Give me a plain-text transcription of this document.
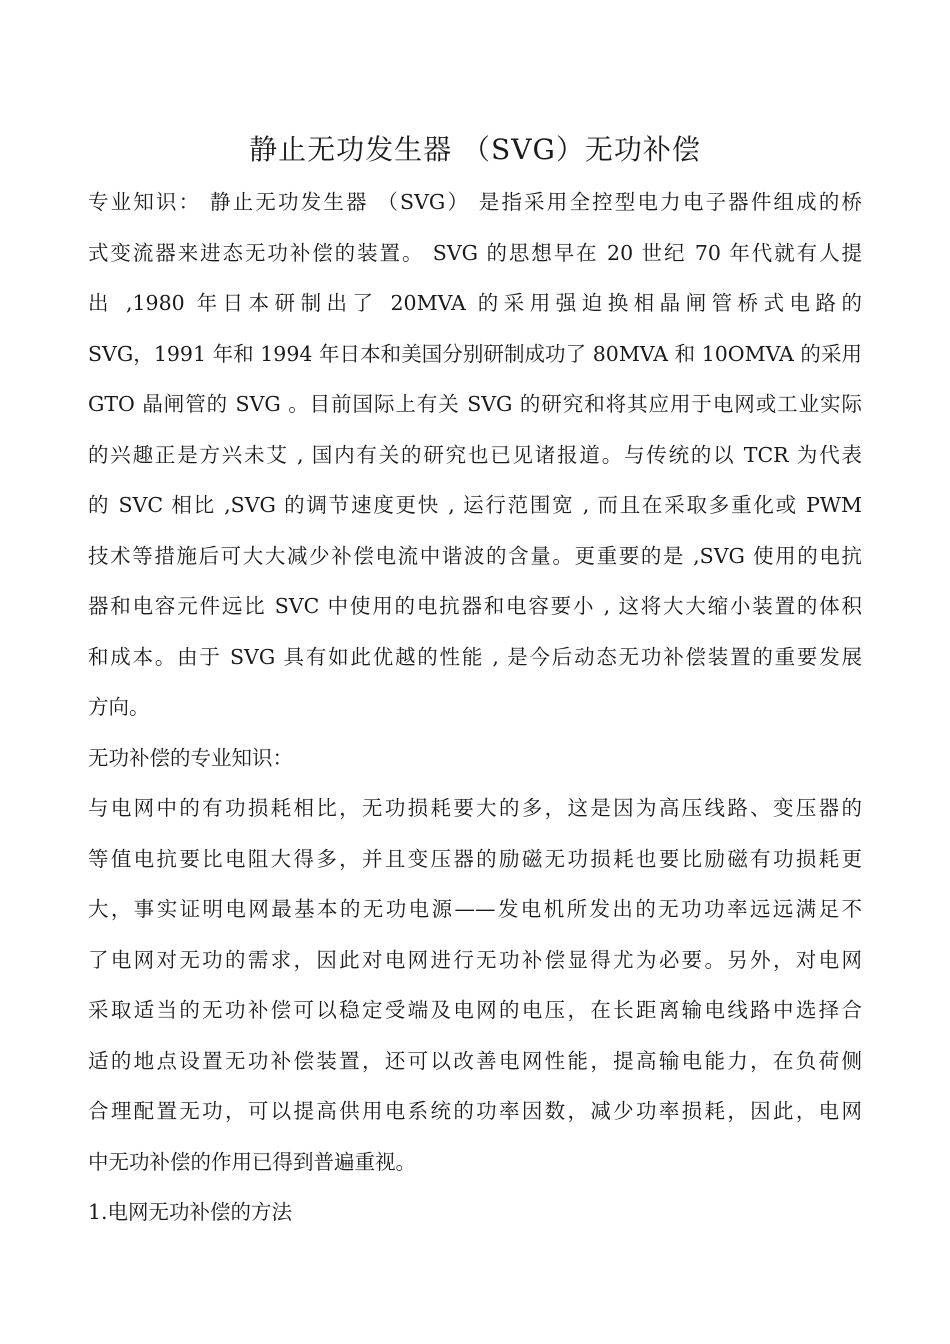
静止无功发生器 （SVG）无功补偿
专业知识： 静止无功发生器 （SVG） 是指采用全控型电力电子器件组成的桥
式变流器来进态无功补偿的装置。 SVG 的思想早在 20 世纪 70 年代就有人提
出 ,1980 年日本研制出了 20MVA 的采用强迫换相晶闸管桥式电路的
SVG，1991 年和 1994 年日本和美国分别研制成功了 80MVA 和 10OMVA 的采用
GTO 晶闸管的 SVG 。目前国际上有关 SVG 的研究和将其应用于电网或工业实际
的兴趣正是方兴未艾 , 国内有关的研究也已见诸报道。与传统的以 TCR 为代表
的 SVC 相比 ,SVG 的调节速度更快 , 运行范围宽 , 而且在采取多重化或 PWM
技术等措施后可大大减少补偿电流中谐波的含量。更重要的是 ,SVG 使用的电抗
器和电容元件远比 SVC 中使用的电抗器和电容要小 , 这将大大缩小装置的体积
和成本。由于 SVG 具有如此优越的性能 , 是今后动态无功补偿装置的重要发展
方向。
无功补偿的专业知识：
与电网中的有功损耗相比，无功损耗要大的多，这是因为高压线路、变压器的
等值电抗要比电阻大得多，并且变压器的励磁无功损耗也要比励磁有功损耗更
大，事实证明电网最基本的无功电源——发电机所发出的无功功率远远满足不
了电网对无功的需求，因此对电网进行无功补偿显得尤为必要。另外，对电网
采取适当的无功补偿可以稳定受端及电网的电压，在长距离输电线路中选择合
适的地点设置无功补偿装置，还可以改善电网性能，提高输电能力，在负荷侧
合理配置无功，可以提高供用电系统的功率因数，减少功率损耗，因此，电网
中无功补偿的作用已得到普遍重视。
1.电网无功补偿的方法
